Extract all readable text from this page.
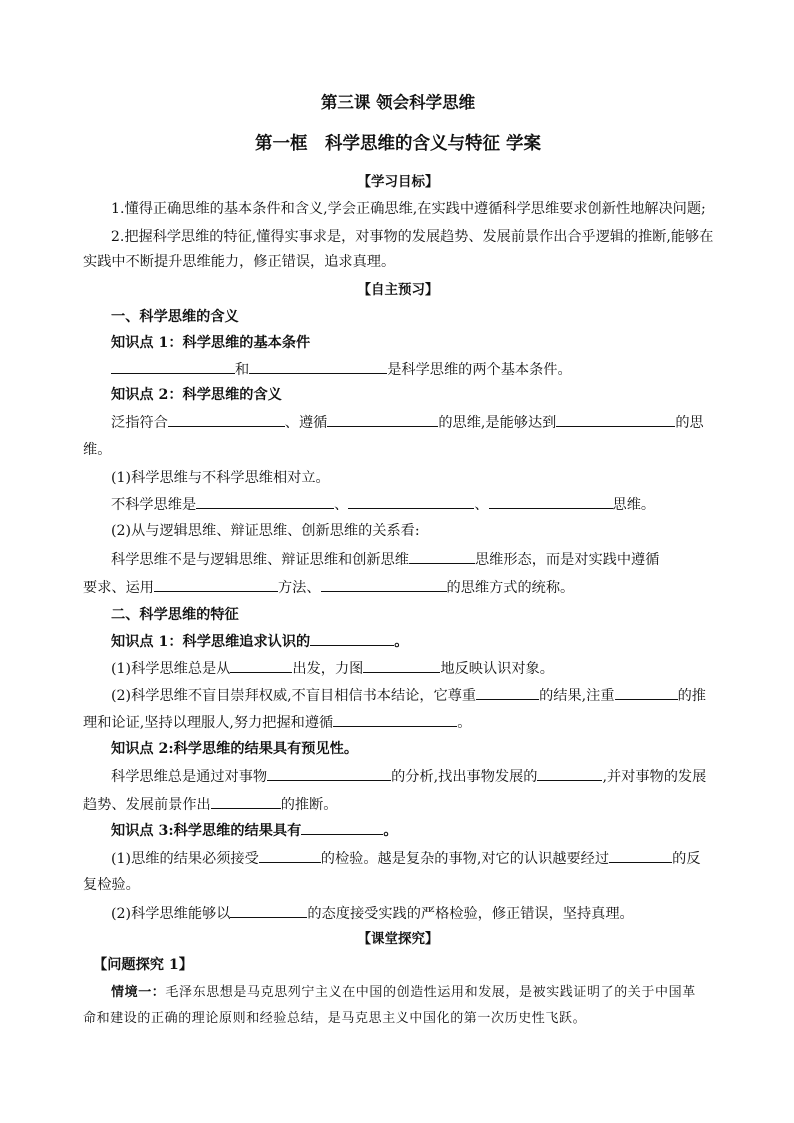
第三课 领会科学思维
第一框　科学思维的含义与特征 学案
【学习目标】
1.懂得正确思维的基本条件和含义,学会正确思维,在实践中遵循科学思维要求创新性地解决问题;
2.把握科学思维的特征,懂得实事求是，对事物的发展趋势、发展前景作出合乎逻辑的推断,能够在
实践中不断提升思维能力，修正错误，追求真理。
【自主预习】
一、科学思维的含义
知识点 1：科学思维的基本条件
和	是科学思维的两个基本条件。
知识点 2：科学思维的含义
泛指符合	、遵循	的思维,是能够达到	的思
维。
(1)科学思维与不科学思维相对立。
不科学思维是	、	、	思维。
(2)从与逻辑思维、辩证思维、创新思维的关系看:
科学思维不是与逻辑思维、辩证思维和创新思维	思维形态，而是对实践中遵循
要求、运用	方法、	的思维方式的统称。
二、科学思维的特征
知识点 1：科学思维追求认识的	。
(1)科学思维总是从	出发，力图	地反映认识对象。
(2)科学思维不盲目崇拜权威,不盲目相信书本结论，它尊重	的结果,注重	的推
理和论证,坚持以理服人,努力把握和遵循	。
知识点 2:科学思维的结果具有预见性。
科学思维总是通过对事物	的分析,找出事物发展的	,并对事物的发展
趋势、发展前景作出	的推断。
知识点 3:科学思维的结果具有	。
(1)思维的结果必须接受	的检验。越是复杂的事物,对它的认识越要经过	的反
复检验。
(2)科学思维能够以	的态度接受实践的严格检验，修正错误，坚持真理。
【课堂探究】
【问题探究 1】
情境一：毛泽东思想是马克思列宁主义在中国的创造性运用和发展，是被实践证明了的关于中国革
命和建设的正确的理论原则和经验总结，是马克思主义中国化的第一次历史性飞跃。
